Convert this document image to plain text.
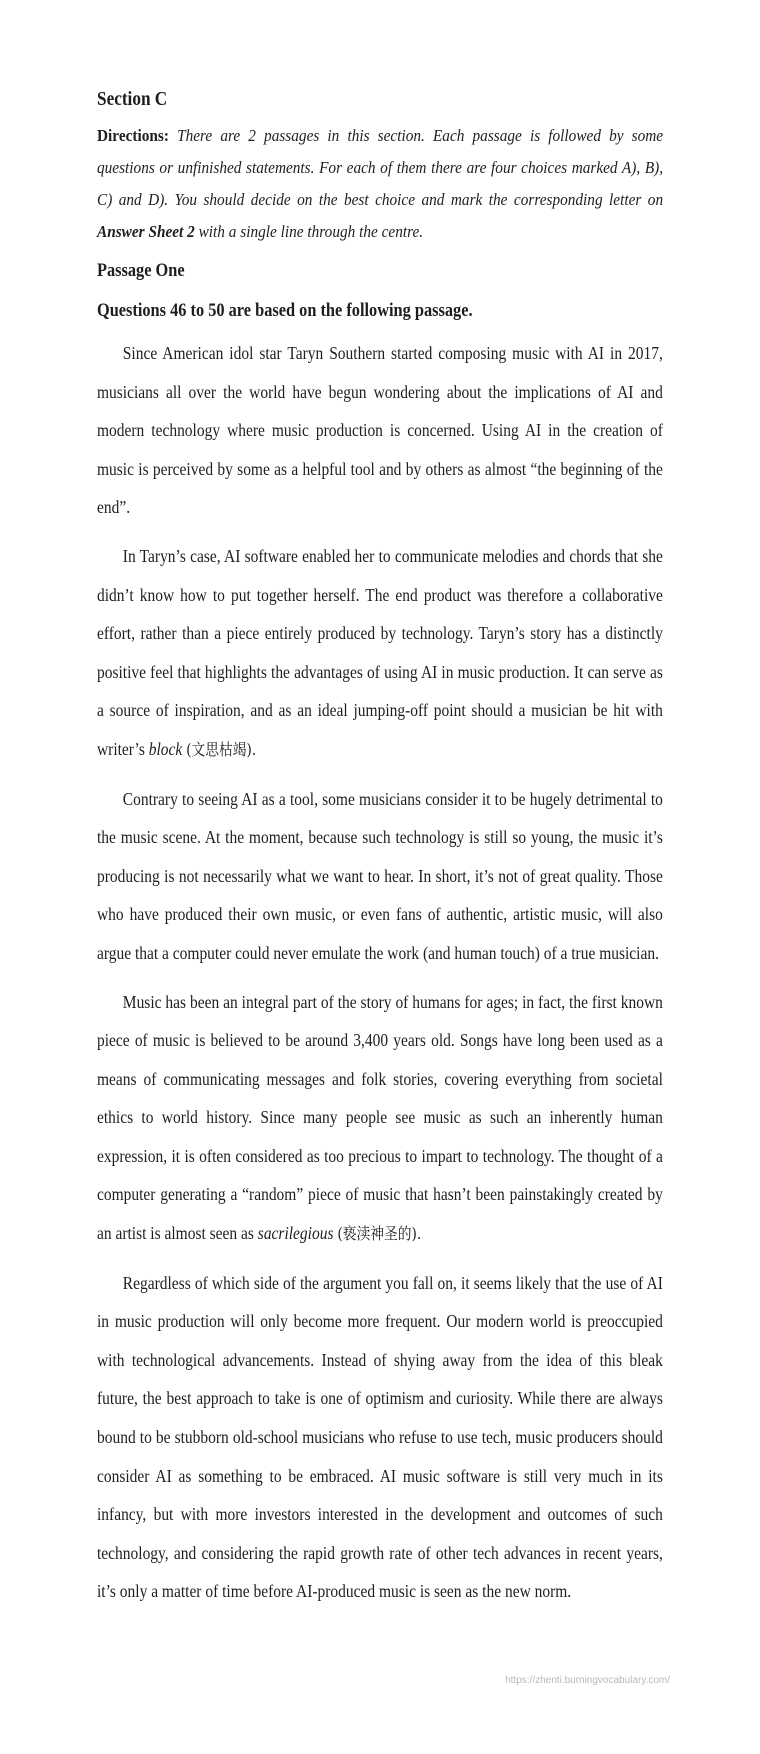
Section C

Directions: There are 2 passages in this section. Each passage is followed by some questions or unfinished statements. For each of them there are four choices marked A), B), C) and D). You should decide on the best choice and mark the corresponding letter on Answer Sheet 2 with a single line through the centre.

Passage One
Questions 46 to 50 are based on the following passage.

Since American idol star Taryn Southern started composing music with AI in 2017, musicians all over the world have begun wondering about the implications of AI and modern technology where music production is concerned. Using AI in the creation of music is perceived by some as a helpful tool and by others as almost “the beginning of the end”.

In Taryn’s case, AI software enabled her to communicate melodies and chords that she didn’t know how to put together herself. The end product was therefore a collaborative effort, rather than a piece entirely produced by technology. Taryn’s story has a distinctly positive feel that highlights the advantages of using AI in music production. It can serve as a source of inspiration, and as an ideal jumping-off point should a musician be hit with writer’s block (文思枯竭).

Contrary to seeing AI as a tool, some musicians consider it to be hugely detrimental to the music scene. At the moment, because such technology is still so young, the music it’s producing is not necessarily what we want to hear. In short, it’s not of great quality. Those who have produced their own music, or even fans of authentic, artistic music, will also argue that a computer could never emulate the work (and human touch) of a true musician.

Music has been an integral part of the story of humans for ages; in fact, the first known piece of music is believed to be around 3,400 years old. Songs have long been used as a means of communicating messages and folk stories, covering everything from societal ethics to world history. Since many people see music as such an inherently human expression, it is often considered as too precious to impart to technology. The thought of a computer generating a “random” piece of music that hasn’t been painstakingly created by an artist is almost seen as sacrilegious (亵渎神圣的).

Regardless of which side of the argument you fall on, it seems likely that the use of AI in music production will only become more frequent. Our modern world is preoccupied with technological advancements. Instead of shying away from the idea of this bleak future, the best approach to take is one of optimism and curiosity. While there are always bound to be stubborn old-school musicians who refuse to use tech, music producers should consider AI as something to be embraced. AI music software is still very much in its infancy, but with more investors interested in the development and outcomes of such technology, and considering the rapid growth rate of other tech advances in recent years, it’s only a matter of time before AI-produced music is seen as the new norm.

https://zhenti.burningvocabulary.com/
